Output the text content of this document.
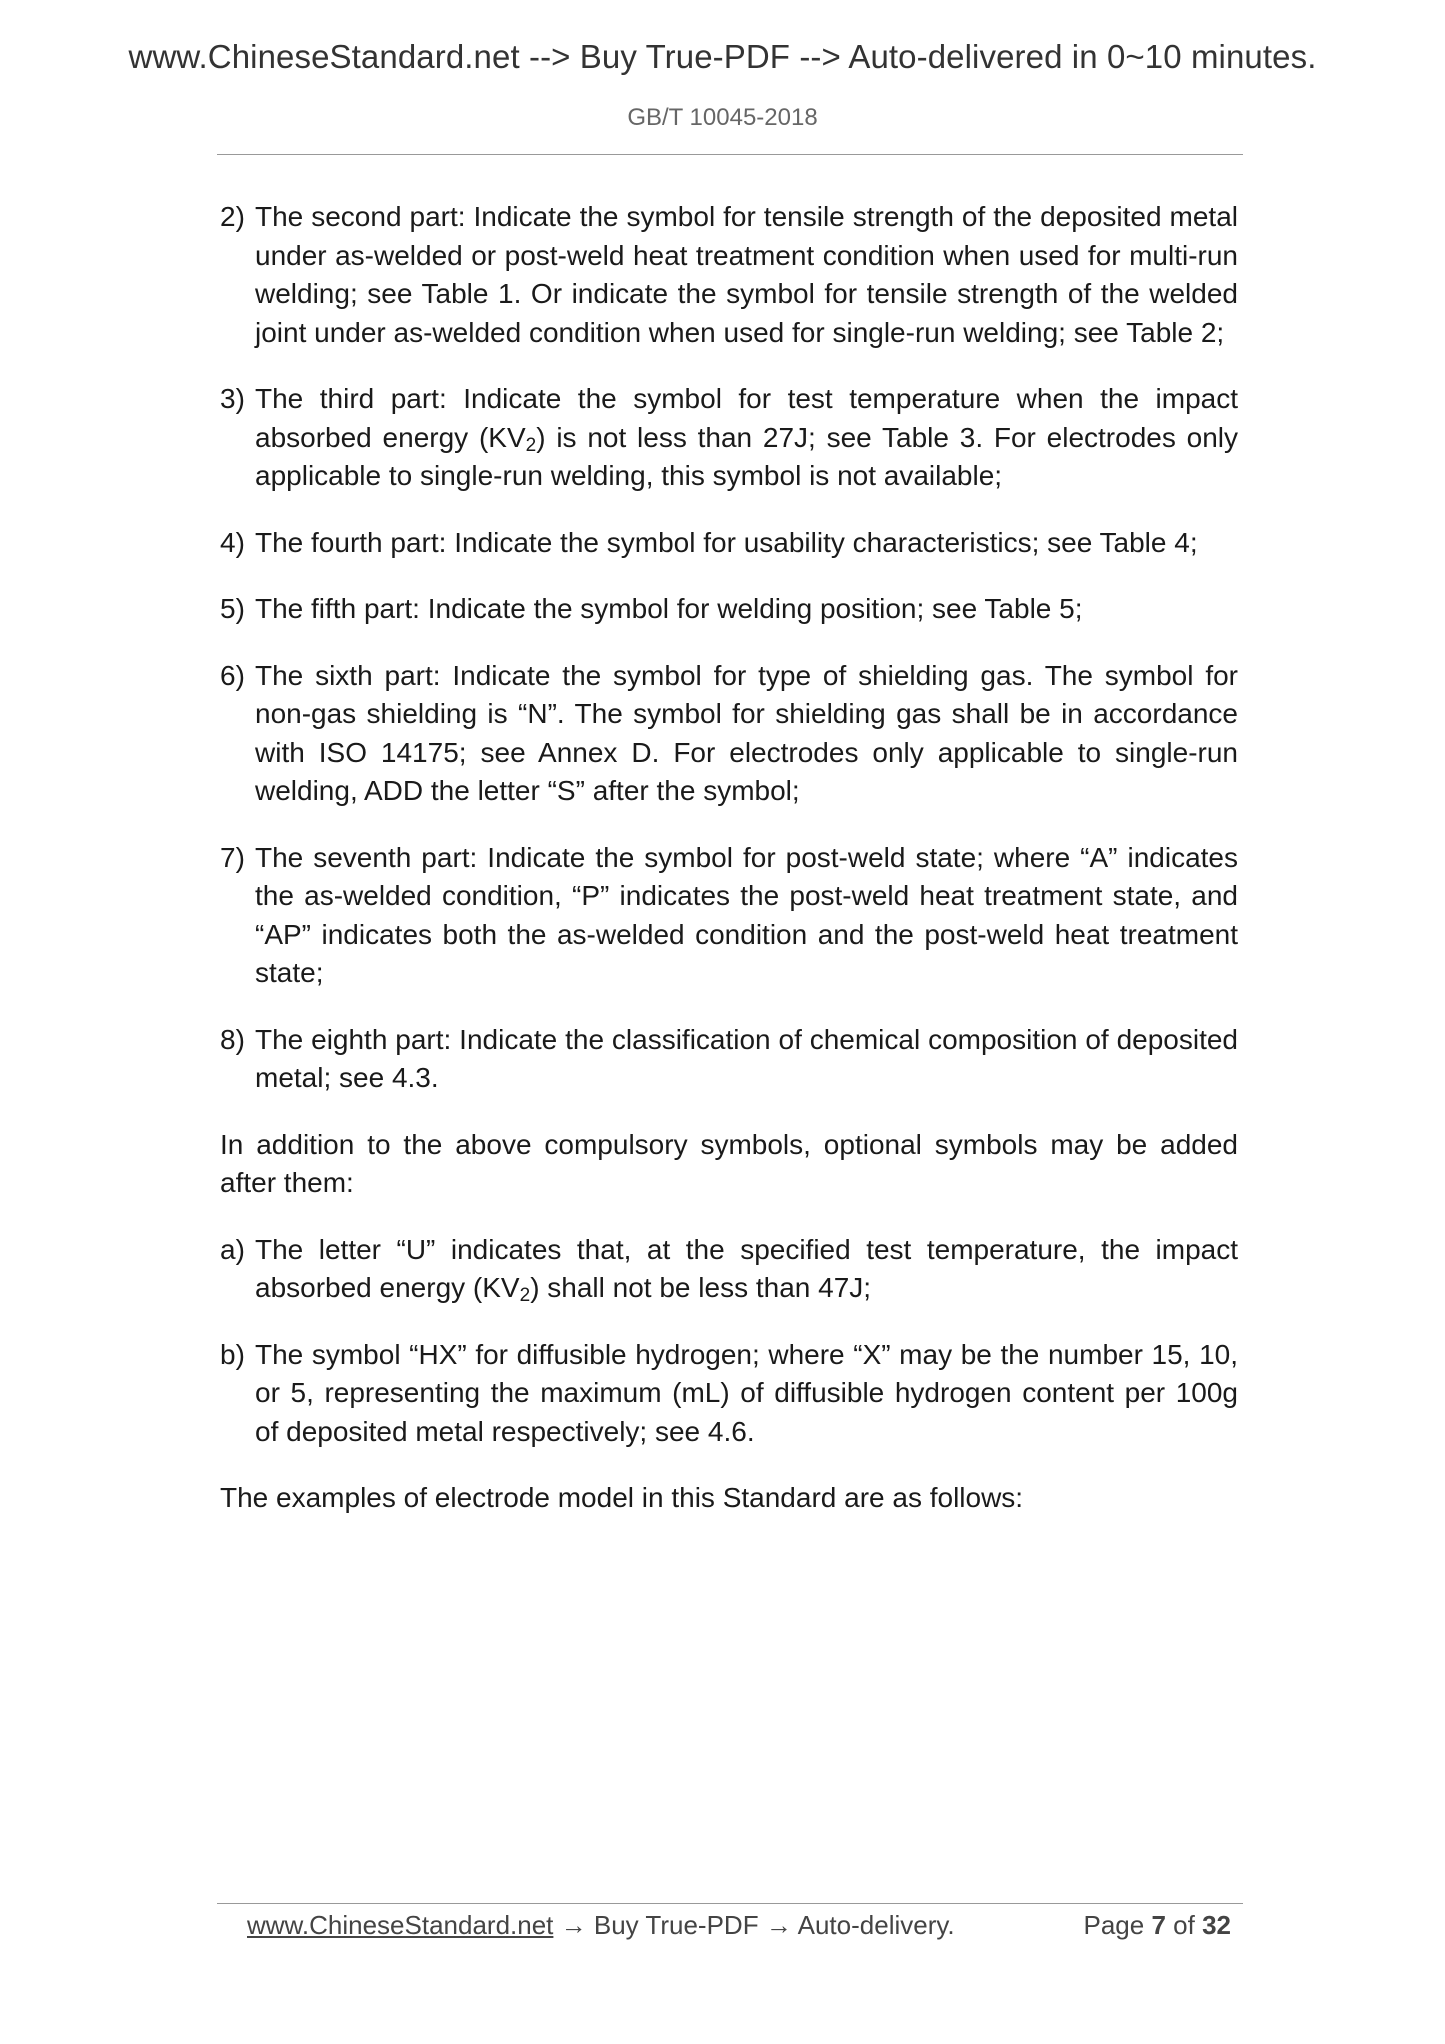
www.ChineseStandard.net --> Buy True-PDF --> Auto-delivered in 0~10 minutes.
GB/T 10045-2018
2) The second part: Indicate the symbol for tensile strength of the deposited metal under as-welded or post-weld heat treatment condition when used for multi-run welding; see Table 1. Or indicate the symbol for tensile strength of the welded joint under as-welded condition when used for single-run welding; see Table 2;
3) The third part: Indicate the symbol for test temperature when the impact absorbed energy $(KV_2)$ is not less than 27J; see Table 3. For electrodes only applicable to single-run welding, this symbol is not available;
4) The fourth part: Indicate the symbol for usability characteristics; see Table 4;
5) The fifth part: Indicate the symbol for welding position; see Table 5;
6) The sixth part: Indicate the symbol for type of shielding gas. The symbol for non-gas shielding is “N”. The symbol for shielding gas shall be in accordance with ISO 14175; see Annex D. For electrodes only applicable to single-run welding, ADD the letter “S” after the symbol;
7) The seventh part: Indicate the symbol for post-weld state; where “A” indicates the as-welded condition, “P” indicates the post-weld heat treatment state, and “AP” indicates both the as-welded condition and the post-weld heat treatment state;
8) The eighth part: Indicate the classification of chemical composition of deposited metal; see 4.3.
In addition to the above compulsory symbols, optional symbols may be added after them:
a) The letter “U” indicates that, at the specified test temperature, the impact absorbed energy $(KV_2)$ shall not be less than 47J;
b) The symbol “HX” for diffusible hydrogen; where “X” may be the number 15, 10, or 5, representing the maximum (mL) of diffusible hydrogen content per 100g of deposited metal respectively; see 4.6.
The examples of electrode model in this Standard are as follows:
www.ChineseStandard.net → Buy True-PDF → Auto-delivery.	Page 7 of 32
